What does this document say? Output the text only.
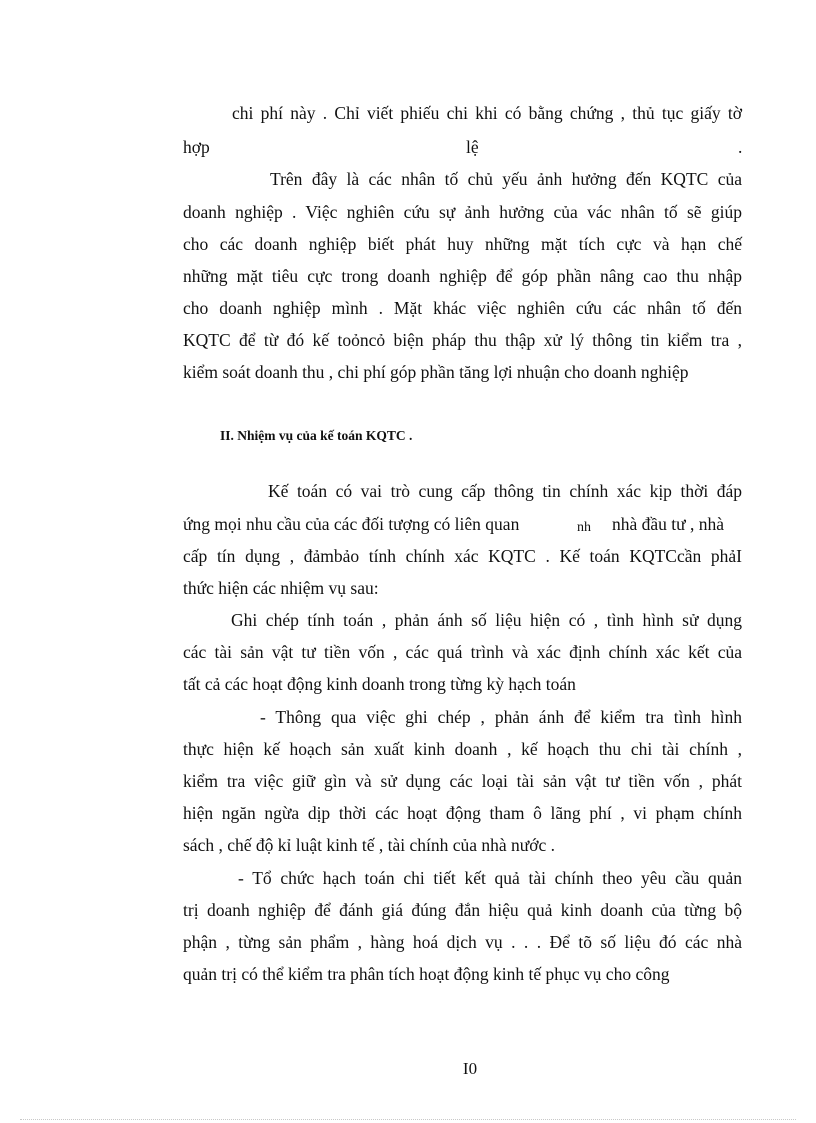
chi phí này . Chỉ viết phiếu chi khi có bằng chứng , thủ tục giấy tờ
hợp	lệ	.
Trên đây là các nhân tố chủ yếu ảnh hưởng đến KQTC của
doanh nghiệp . Việc nghiên cứu sự ảnh hưởng của vác nhân tố sẽ giúp
cho các doanh nghiệp biết phát huy những mặt tích cực và hạn chế
những mặt tiêu cực trong doanh nghiệp để góp phần nâng cao thu nhập
cho doanh nghiệp mình . Mặt khác việc nghiên cứu các nhân tố đến
KQTC để từ đó kế toỏncỏ biện pháp thu thập xử lý thông tin kiểm tra ,
kiểm soát doanh thu , chi phí góp phần tăng lợi nhuận cho doanh nghiệp
II. Nhiệm vụ của kế toán KQTC .
Kế toán có vai trò cung cấp thông tin chính xác kịp thời đáp
ứng mọi nhu cầu của các đối tượng có liên quan	nh nhà đầu tư , nhà
cấp tín dụng , đảmbảo tính chính xác KQTC . Kế toán KQTCcần phảI
thức hiện các nhiệm vụ sau:
Ghi chép tính toán , phản ánh số liệu hiện có , tình hình sử dụng
các tài sản vật tư tiền vốn , các quá trình và xác định chính xác kết của
tất cả các hoạt động kinh doanh trong từng kỳ hạch toán
- Thông qua việc ghi chép , phản ánh để kiểm tra tình hình
thực hiện kế hoạch sản xuất kinh doanh , kế hoạch thu chi tài chính ,
kiểm tra việc giữ gìn và sử dụng các loại tài sản vật tư tiền vốn , phát
hiện ngăn ngừa dịp thời các hoạt động tham ô lãng phí , vi phạm chính
sách , chế độ kỉ luật kinh tế , tài chính của nhà nước .
- Tổ chức hạch toán chi tiết kết quả tài chính theo yêu cầu quản
trị doanh nghiệp để đánh giá đúng đắn hiệu quả kinh doanh của từng bộ
phận , từng sản phẩm , hàng hoá dịch vụ . . . Để tõ số liệu đó các nhà
quản trị có thể kiểm tra phân tích hoạt động kinh tế phục vụ cho công
I0
